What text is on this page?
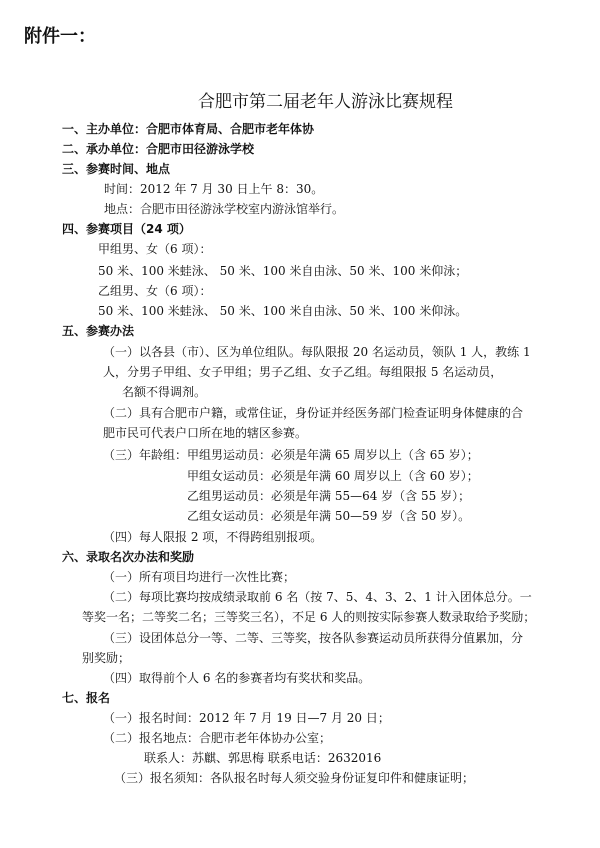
附件一：
合肥市第二届老年人游泳比赛规程
一、主办单位：合肥市体育局、合肥市老年体协
二、承办单位：合肥市田径游泳学校
三、参赛时间、地点
时间：2012 年 7 月 30 日上午 8：30。
地点：合肥市田径游泳学校室内游泳馆举行。
四、参赛项目（24 项）
甲组男、女（6 项）：
50 米、100 米蛙泳、 50 米、100 米自由泳、50 米、100 米仰泳；
乙组男、女（6 项）：
50 米、100 米蛙泳、 50 米、100 米自由泳、50 米、100 米仰泳。
五、参赛办法
（一）以各县（市）、区为单位组队。每队限报 20 名运动员，领队 1 人，教练 1
人，分男子甲组、女子甲组；男子乙组、女子乙组。每组限报 5 名运动员，
名额不得调剂。
（二）具有合肥市户籍，或常住证，身份证并经医务部门检查证明身体健康的合
肥市民可代表户口所在地的辖区参赛。
（三）年龄组：甲组男运动员：必须是年满 65 周岁以上（含 65 岁）；
甲组女运动员：必须是年满 60 周岁以上（含 60 岁）；
乙组男运动员：必须是年满 55—64 岁（含 55 岁）；
乙组女运动员：必须是年满 50—59 岁（含 50 岁）。
（四）每人限报 2 项，不得跨组别报项。
六、录取名次办法和奖励
（一）所有项目均进行一次性比赛；
（二）每项比赛均按成绩录取前 6 名（按 7、5、4、3、2、1 计入团体总分。一
等奖一名；二等奖二名；三等奖三名），不足 6 人的则按实际参赛人数录取给予奖励；
（三）设团体总分一等、二等、三等奖，按各队参赛运动员所获得分值累加，分
别奖励；
（四）取得前个人 6 名的参赛者均有奖状和奖品。
七、报名
（一）报名时间：2012 年 7 月 19 日—7 月 20 日；
（二）报名地点：合肥市老年体协办公室；
联系人：苏麒、郭思梅 联系电话：2632016
（三）报名须知：各队报名时每人须交验身份证复印件和健康证明；
